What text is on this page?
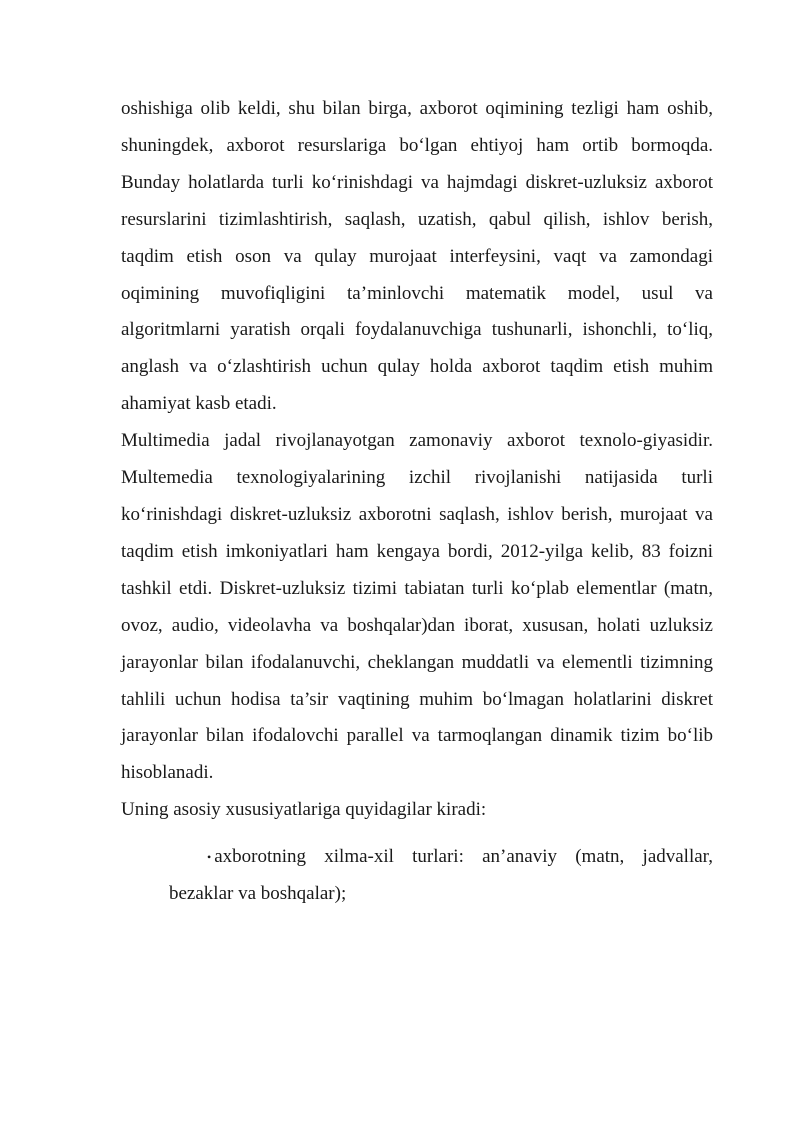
oshishiga olib keldi, shu bilan birga, axborot oqimining tezligi ham oshib, shuningdek, axborot resurslariga bo‘lgan ehtiyoj ham ortib bormoqda. Bunday holatlarda turli ko‘rinishdagi va hajmdagi diskret-uzluksiz axborot resurslarini tizimlashtirish, saqlash, uzatish, qabul qilish, ishlov berish, taqdim etish oson va qulay murojaat interfeysini, vaqt va zamondagi oqimining muvofiqligini ta’minlovchi matematik model, usul va algoritmlarni yaratish orqali foydalanuvchiga tushunarli, ishonchli, to‘liq, anglash va o‘zlashtirish uchun qulay holda axborot taqdim etish muhim ahamiyat kasb etadi.

Multimedia jadal rivojlanayotgan zamonaviy axborot texnolo-giyasidir. Multemedia texnologiyalarining izchil rivojlanishi natijasida turli ko‘rinishdagi diskret-uzluksiz axborotni saqlash, ishlov berish, murojaat va taqdim etish imkoniyatlari ham kengaya bordi, 2012-yilga kelib, 83 foizni tashkil etdi. Diskret-uzluksiz tizimi tabiatan turli ko‘plab elementlar (matn, ovoz, audio, videolavha va boshqalar)dan iborat, xususan, holati uzluksiz jarayonlar bilan ifodalanuvchi, cheklangan muddatli va elementli tizimning tahlili uchun hodisa ta’sir vaqtining muhim bo‘lmagan holatlarini diskret jarayonlar bilan ifodalovchi parallel va tarmoqlangan dinamik tizim bo‘lib hisoblanadi.

Uning asosiy xususiyatlariga quyidagilar kiradi:

• axborotning xilma-xil turlari: an’anaviy (matn, jadvallar,
bezaklar va boshqalar);
